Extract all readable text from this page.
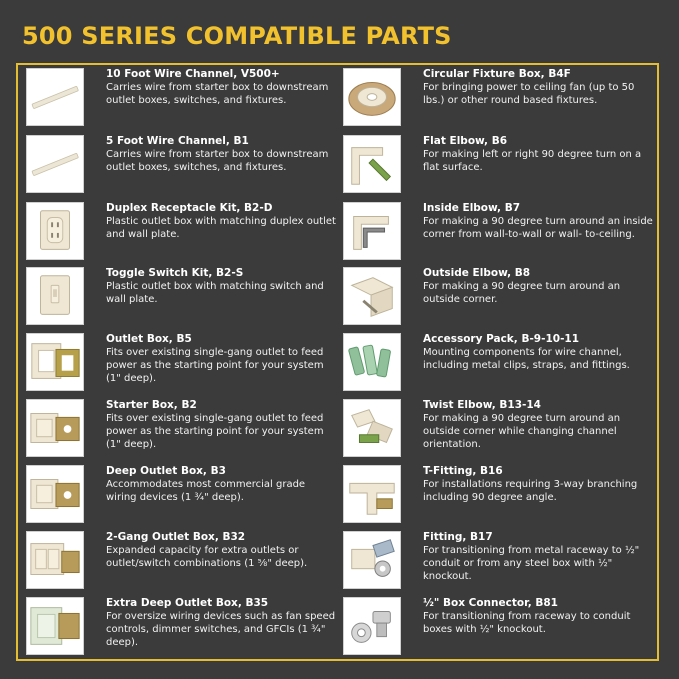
500 SERIES COMPATIBLE PARTS
10 Foot Wire Channel, V500+
Carries wire from starter box to downstream outlet boxes, switches, and fixtures.
5 Foot Wire Channel, B1
Carries wire from starter box to downstream outlet boxes, switches, and fixtures.
Duplex Receptacle Kit, B2-D
Plastic outlet box with matching duplex outlet and wall plate.
Toggle Switch Kit, B2-S
Plastic outlet box with matching switch and wall plate.
Outlet Box, B5
Fits over existing single-gang outlet to feed power as the starting point for your system (1" deep).
Starter Box, B2
Fits over existing single-gang outlet to feed power as the starting point for your system (1" deep).
Deep Outlet Box, B3
Accommodates most commercial grade wiring devices (1 ¾" deep).
2-Gang Outlet Box, B32
Expanded capacity for extra outlets or outlet/switch combinations (1 ⅝" deep).
Extra Deep Outlet Box, B35
For oversize wiring devices such as fan speed controls, dimmer switches, and GFCIs (1 ¾" deep).
Circular Fixture Box, B4F
For bringing power to ceiling fan (up to 50 lbs.) or other round based fixtures.
Flat Elbow, B6
For making left or right 90 degree turn on a flat surface.
Inside Elbow, B7
For making a 90 degree turn around an inside corner from wall-to-wall or wall- to-ceiling.
Outside Elbow, B8
For making a 90 degree turn around an outside corner.
Accessory Pack, B-9-10-11
Mounting components for wire channel, including metal clips, straps, and fittings.
Twist Elbow, B13-14
For making a 90 degree turn around an outside corner while changing channel orientation.
T-Fitting, B16
For installations requiring 3-way branching including 90 degree angle.
Fitting, B17
For transitioning from metal raceway to ½" conduit or from any steel box with ½" knockout.
½" Box Connector, B81
For transitioning from raceway to conduit boxes with ½" knockout.
